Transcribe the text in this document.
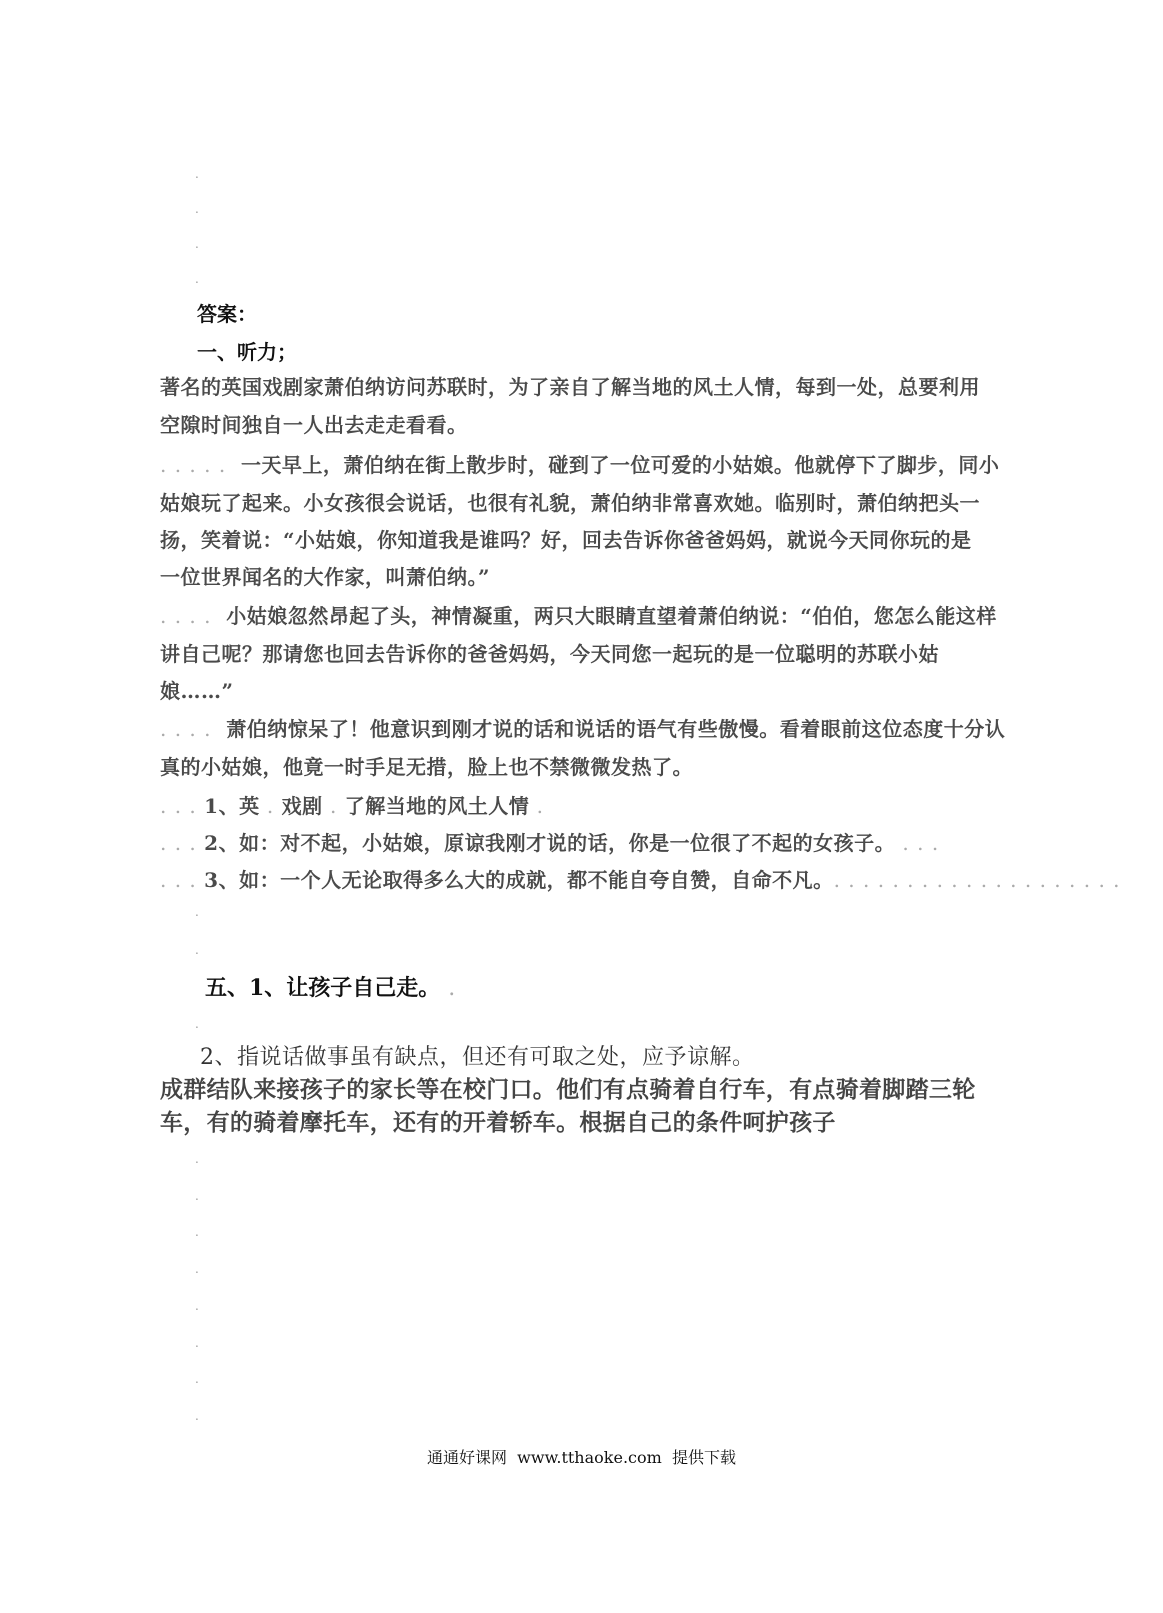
.
.
.
.
答案：
一、听力；
著名的英国戏剧家萧伯纳访问苏联时，为了亲自了解当地的风土人情，每到一处，总要利用
空隙时间独自一人出去走走看看。
. . . . .  一天早上，萧伯纳在街上散步时，碰到了一位可爱的小姑娘。他就停下了脚步，同小
姑娘玩了起来。小女孩很会说话，也很有礼貌，萧伯纳非常喜欢她。临别时，萧伯纳把头一
扬，笑着说：“小姑娘，你知道我是谁吗？好，回去告诉你爸爸妈妈，就说今天同你玩的是
一位世界闻名的大作家，叫萧伯纳。”
. . . .  小姑娘忽然昂起了头，神情凝重，两只大眼睛直望着萧伯纳说：“伯伯，您怎么能这样
讲自己呢？那请您也回去告诉你的爸爸妈妈，今天同您一起玩的是一位聪明的苏联小姑
娘……”
. . . .  萧伯纳惊呆了！他意识到刚才说的话和说话的语气有些傲慢。看着眼前这位态度十分认
真的小姑娘，他竟一时手足无措，脸上也不禁微微发热了。
. . . 1、英 . 戏剧 . 了解当地的风土人情 .
. . . 2、如：对不起，小姑娘，原谅我刚才说的话，你是一位很了不起的女孩子。 . . .
. . . 3、如：一个人无论取得多么大的成就，都不能自夸自赞，自命不凡。. . . . . . . . . . . . . . . . . . . .
.
.
五、1、让孩子自己走。 .
.
2、指说话做事虽有缺点，但还有可取之处，应予谅解。
成群结队来接孩子的家长等在校门口。他们有点骑着自行车，有点骑着脚踏三轮
车，有的骑着摩托车，还有的开着轿车。根据自己的条件呵护孩子
.
.
.
.
.
.
.
.
通通好课网  www.tthaoke.com  提供下载
